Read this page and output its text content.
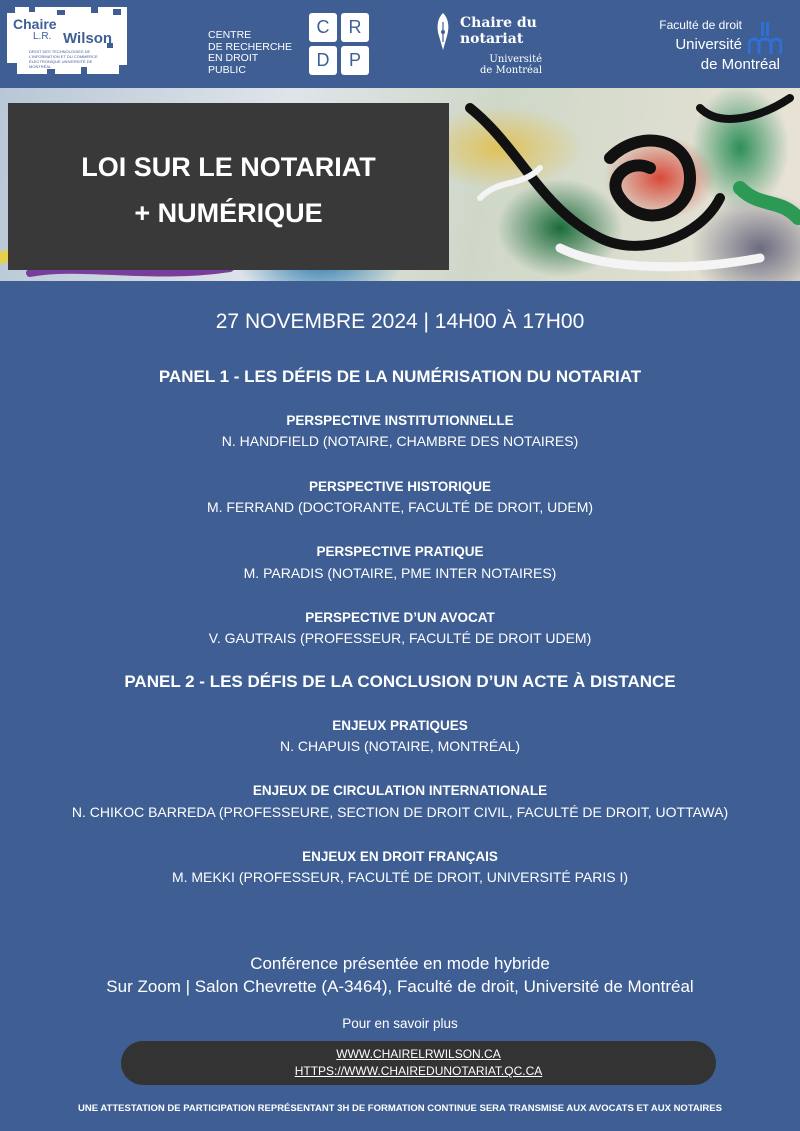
Chaire
L.R. Wilson
DROIT DES TECHNOLOGIES DE L'INFORMATION ET DU COMMERCE ÉLECTRONIQUE UNIVERSITÉ DE MONTRÉAL
CENTRE
DE RECHERCHE
EN DROIT
PUBLIC
C	R
D	P
Chaire du
notariat
Université
de Montréal
Faculté de droit
Université
de Montréal
LOI SUR LE NOTARIAT
+ NUMÉRIQUE
27 NOVEMBRE 2024 | 14H00 À 17H00
PANEL 1 - LES DÉFIS DE LA NUMÉRISATION DU NOTARIAT
PERSPECTIVE INSTITUTIONNELLE
N. HANDFIELD (NOTAIRE, CHAMBRE DES NOTAIRES)
PERSPECTIVE HISTORIQUE
M. FERRAND (DOCTORANTE, FACULTÉ DE DROIT, UDEM)
PERSPECTIVE PRATIQUE
M. PARADIS (NOTAIRE, PME INTER NOTAIRES)
PERSPECTIVE D’UN AVOCAT
V. GAUTRAIS (PROFESSEUR, FACULTÉ DE DROIT UDEM)
PANEL 2 - LES DÉFIS DE LA CONCLUSION D’UN ACTE À DISTANCE
ENJEUX PRATIQUES
N. CHAPUIS (NOTAIRE, MONTRÉAL)
ENJEUX DE CIRCULATION INTERNATIONALE
N. CHIKOC BARREDA (PROFESSEURE, SECTION DE DROIT CIVIL, FACULTÉ DE DROIT, UOTTAWA)
ENJEUX EN DROIT FRANÇAIS
M. MEKKI (PROFESSEUR, FACULTÉ DE DROIT, UNIVERSITÉ PARIS I)
Conférence présentée en mode hybride
Sur Zoom | Salon Chevrette (A-3464), Faculté de droit, Université de Montréal
Pour en savoir plus
WWW.CHAIRELRWILSON.CA
HTTPS://WWW.CHAIREDUNOTARIAT.QC.CA
UNE ATTESTATION DE PARTICIPATION REPRÉSENTANT 3H DE FORMATION CONTINUE SERA TRANSMISE AUX AVOCATS ET AUX NOTAIRES
